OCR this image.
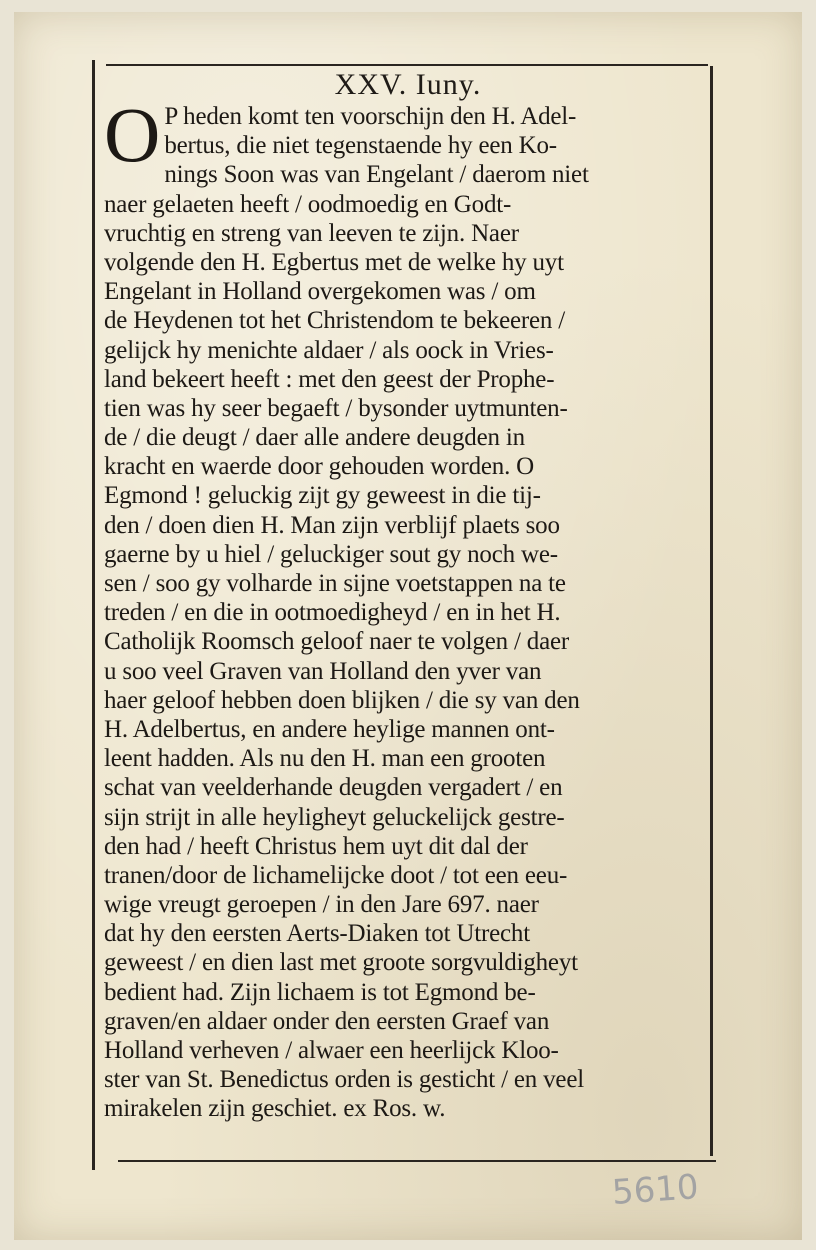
XXV. Iuny.
O P heden komt ten voorschijn den H. Adel-
bertus, die niet tegenstaende hy een Ko-
nings Soon was van Engelant / daerom niet
naer gelaeten heeft / oodmoedig en Godt-
vruchtig en streng van leeven te zijn. Naer
volgende den H. Egbertus met de welke hy uyt
Engelant in Holland overgekomen was / om
de Heydenen tot het Christendom te bekeeren /
gelijck hy menichte aldaer / als oock in Vries-
land bekeert heeft : met den geest der Prophe-
tien was hy seer begaeft / bysonder uytmunten-
de / die deugt / daer alle andere deugden in
kracht en waerde door gehouden worden. O
Egmond ! geluckig zijt gy geweest in die tij-
den / doen dien H. Man zijn verblijf plaets soo
gaerne by u hiel / geluckiger sout gy noch we-
sen / soo gy volharde in sijne voetstappen na te
treden / en die in ootmoedigheyd / en in het H.
Catholijk Roomsch geloof naer te volgen / daer
u soo veel Graven van Holland den yver van
haer geloof hebben doen blijken / die sy van den
H. Adelbertus, en andere heylige mannen ont-
leent hadden. Als nu den H. man een grooten
schat van veelderhande deugden vergadert / en
sijn strijt in alle heyligheyt geluckelijck gestre-
den had / heeft Christus hem uyt dit dal der
tranen/door de lichamelijcke doot / tot een eeu-
wige vreugt geroepen / in den Jare 697. naer
dat hy den eersten Aerts-Diaken tot Utrecht
geweest / en dien last met groote sorgvuldigheyt
bedient had. Zijn lichaem is tot Egmond be-
graven/en aldaer onder den eersten Graef van
Holland verheven / alwaer een heerlijck Kloo-
ster van St. Benedictus orden is gesticht / en veel
mirakelen zijn geschiet. ex Ros. w.
5610
